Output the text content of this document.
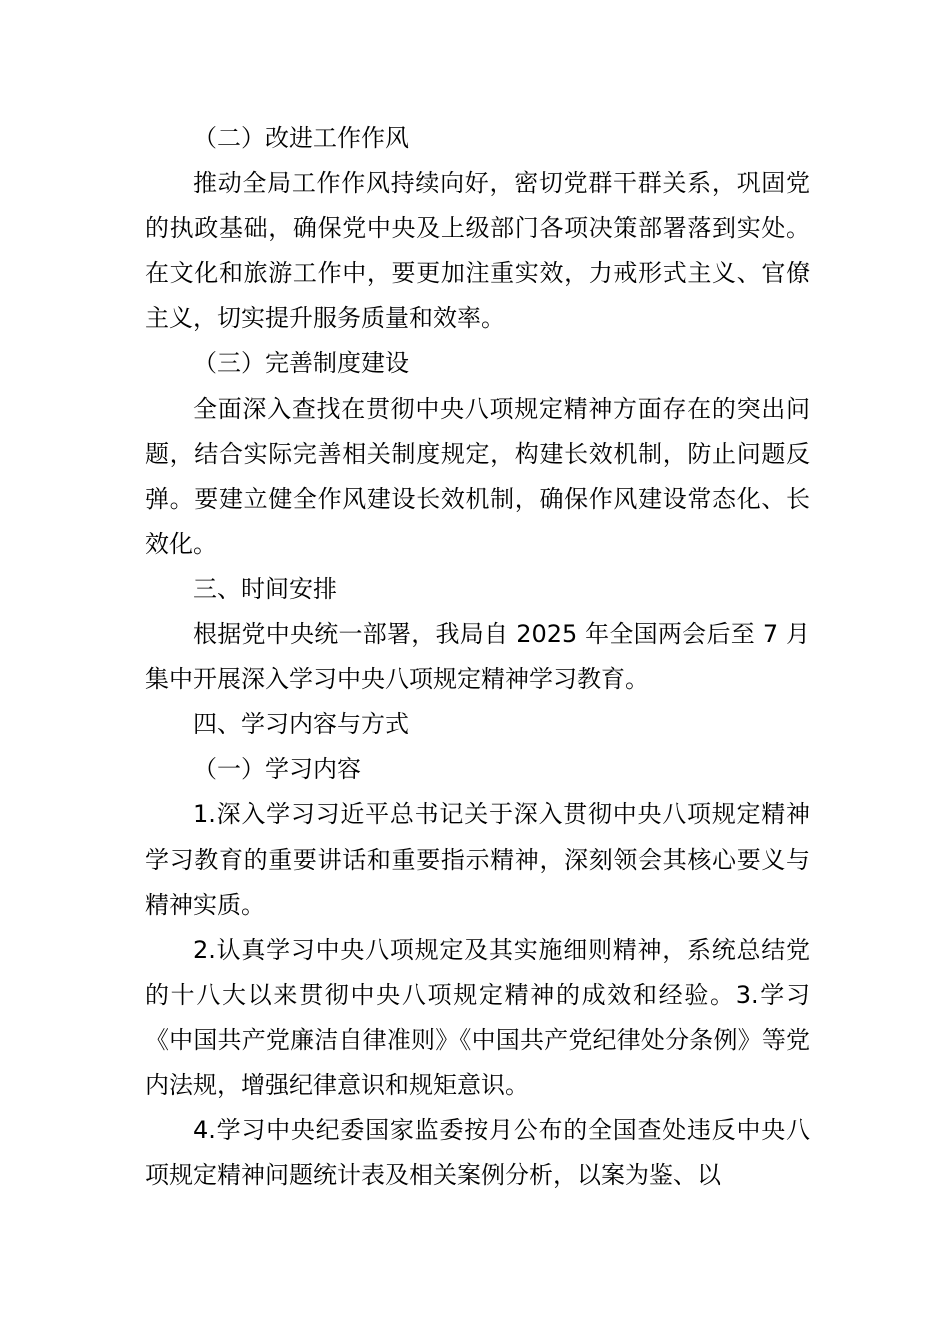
（二）改进工作作风

推动全局工作作风持续向好，密切党群干群关系，巩固党的执政基础，确保党中央及上级部门各项决策部署落到实处。在文化和旅游工作中，要更加注重实效，力戒形式主义、官僚主义，切实提升服务质量和效率。

（三）完善制度建设

全面深入查找在贯彻中央八项规定精神方面存在的突出问题，结合实际完善相关制度规定，构建长效机制，防止问题反弹。要建立健全作风建设长效机制，确保作风建设常态化、长效化。

三、时间安排

根据党中央统一部署，我局自 2025 年全国两会后至 7 月集中开展深入学习中央八项规定精神学习教育。

四、学习内容与方式

（一）学习内容

1.深入学习习近平总书记关于深入贯彻中央八项规定精神学习教育的重要讲话和重要指示精神，深刻领会其核心要义与精神实质。

2.认真学习中央八项规定及其实施细则精神，系统总结党的十八大以来贯彻中央八项规定精神的成效和经验。3.学习《中国共产党廉洁自律准则》《中国共产党纪律处分条例》等党内法规，增强纪律意识和规矩意识。

4.学习中央纪委国家监委按月公布的全国查处违反中央八项规定精神问题统计表及相关案例分析，以案为鉴、以
